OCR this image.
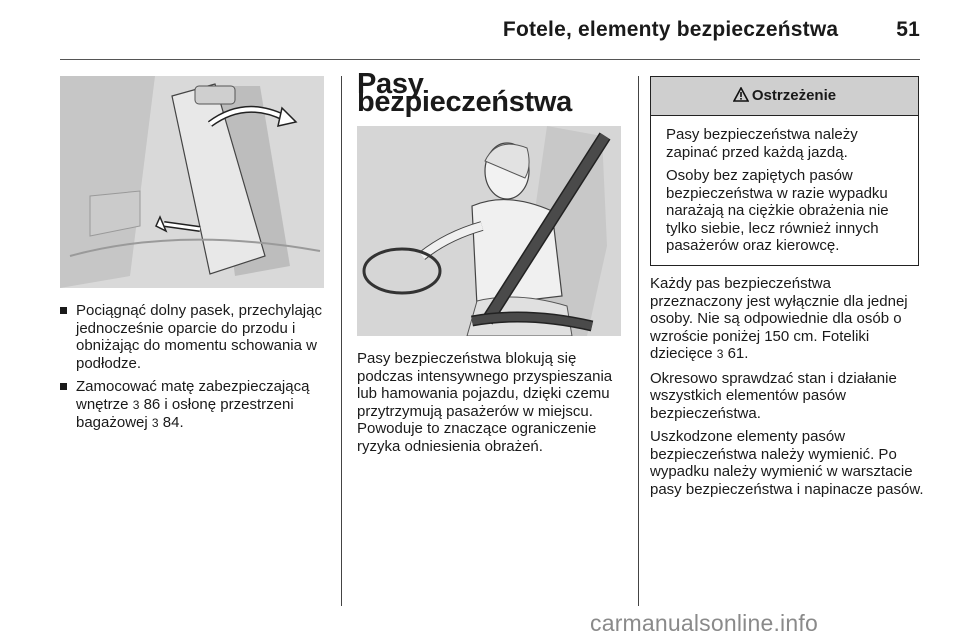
Fotele, elementy bezpieczeństwa	51
Pociągnąć dolny pasek, przechylając jednocześnie oparcie do przodu i obniżając do momentu schowania w podłodze.
Zamocować matę zabezpieczającą wnętrze 3 86 i osłonę przestrzeni bagażowej 3 84.
Pasy bezpieczeństwa

Pasy bezpieczeństwa blokują się podczas intensywnego przyspieszania lub hamowania pojazdu, dzięki czemu przytrzymują pasażerów w miejscu. Powoduje to znaczące ograniczenie ryzyka odniesienia obrażeń.

Ostrzeżenie

Pasy bezpieczeństwa należy zapinać przed każdą jazdą.

Osoby bez zapiętych pasów bezpieczeństwa w razie wypadku narażają na ciężkie obrażenia nie tylko siebie, lecz również innych pasażerów oraz kierowcę.

Każdy pas bezpieczeństwa przeznaczony jest wyłącznie dla jednej osoby. Nie są odpowiednie dla osób o wzroście poniżej 150 cm. Foteliki dziecięce 3 61.

Okresowo sprawdzać stan i działanie wszystkich elementów pasów bezpieczeństwa.

Uszkodzone elementy pasów bezpieczeństwa należy wymienić. Po wypadku należy wymienić w warsztacie pasy bezpieczeństwa i napinacze pasów.

carmanualsonline.info
